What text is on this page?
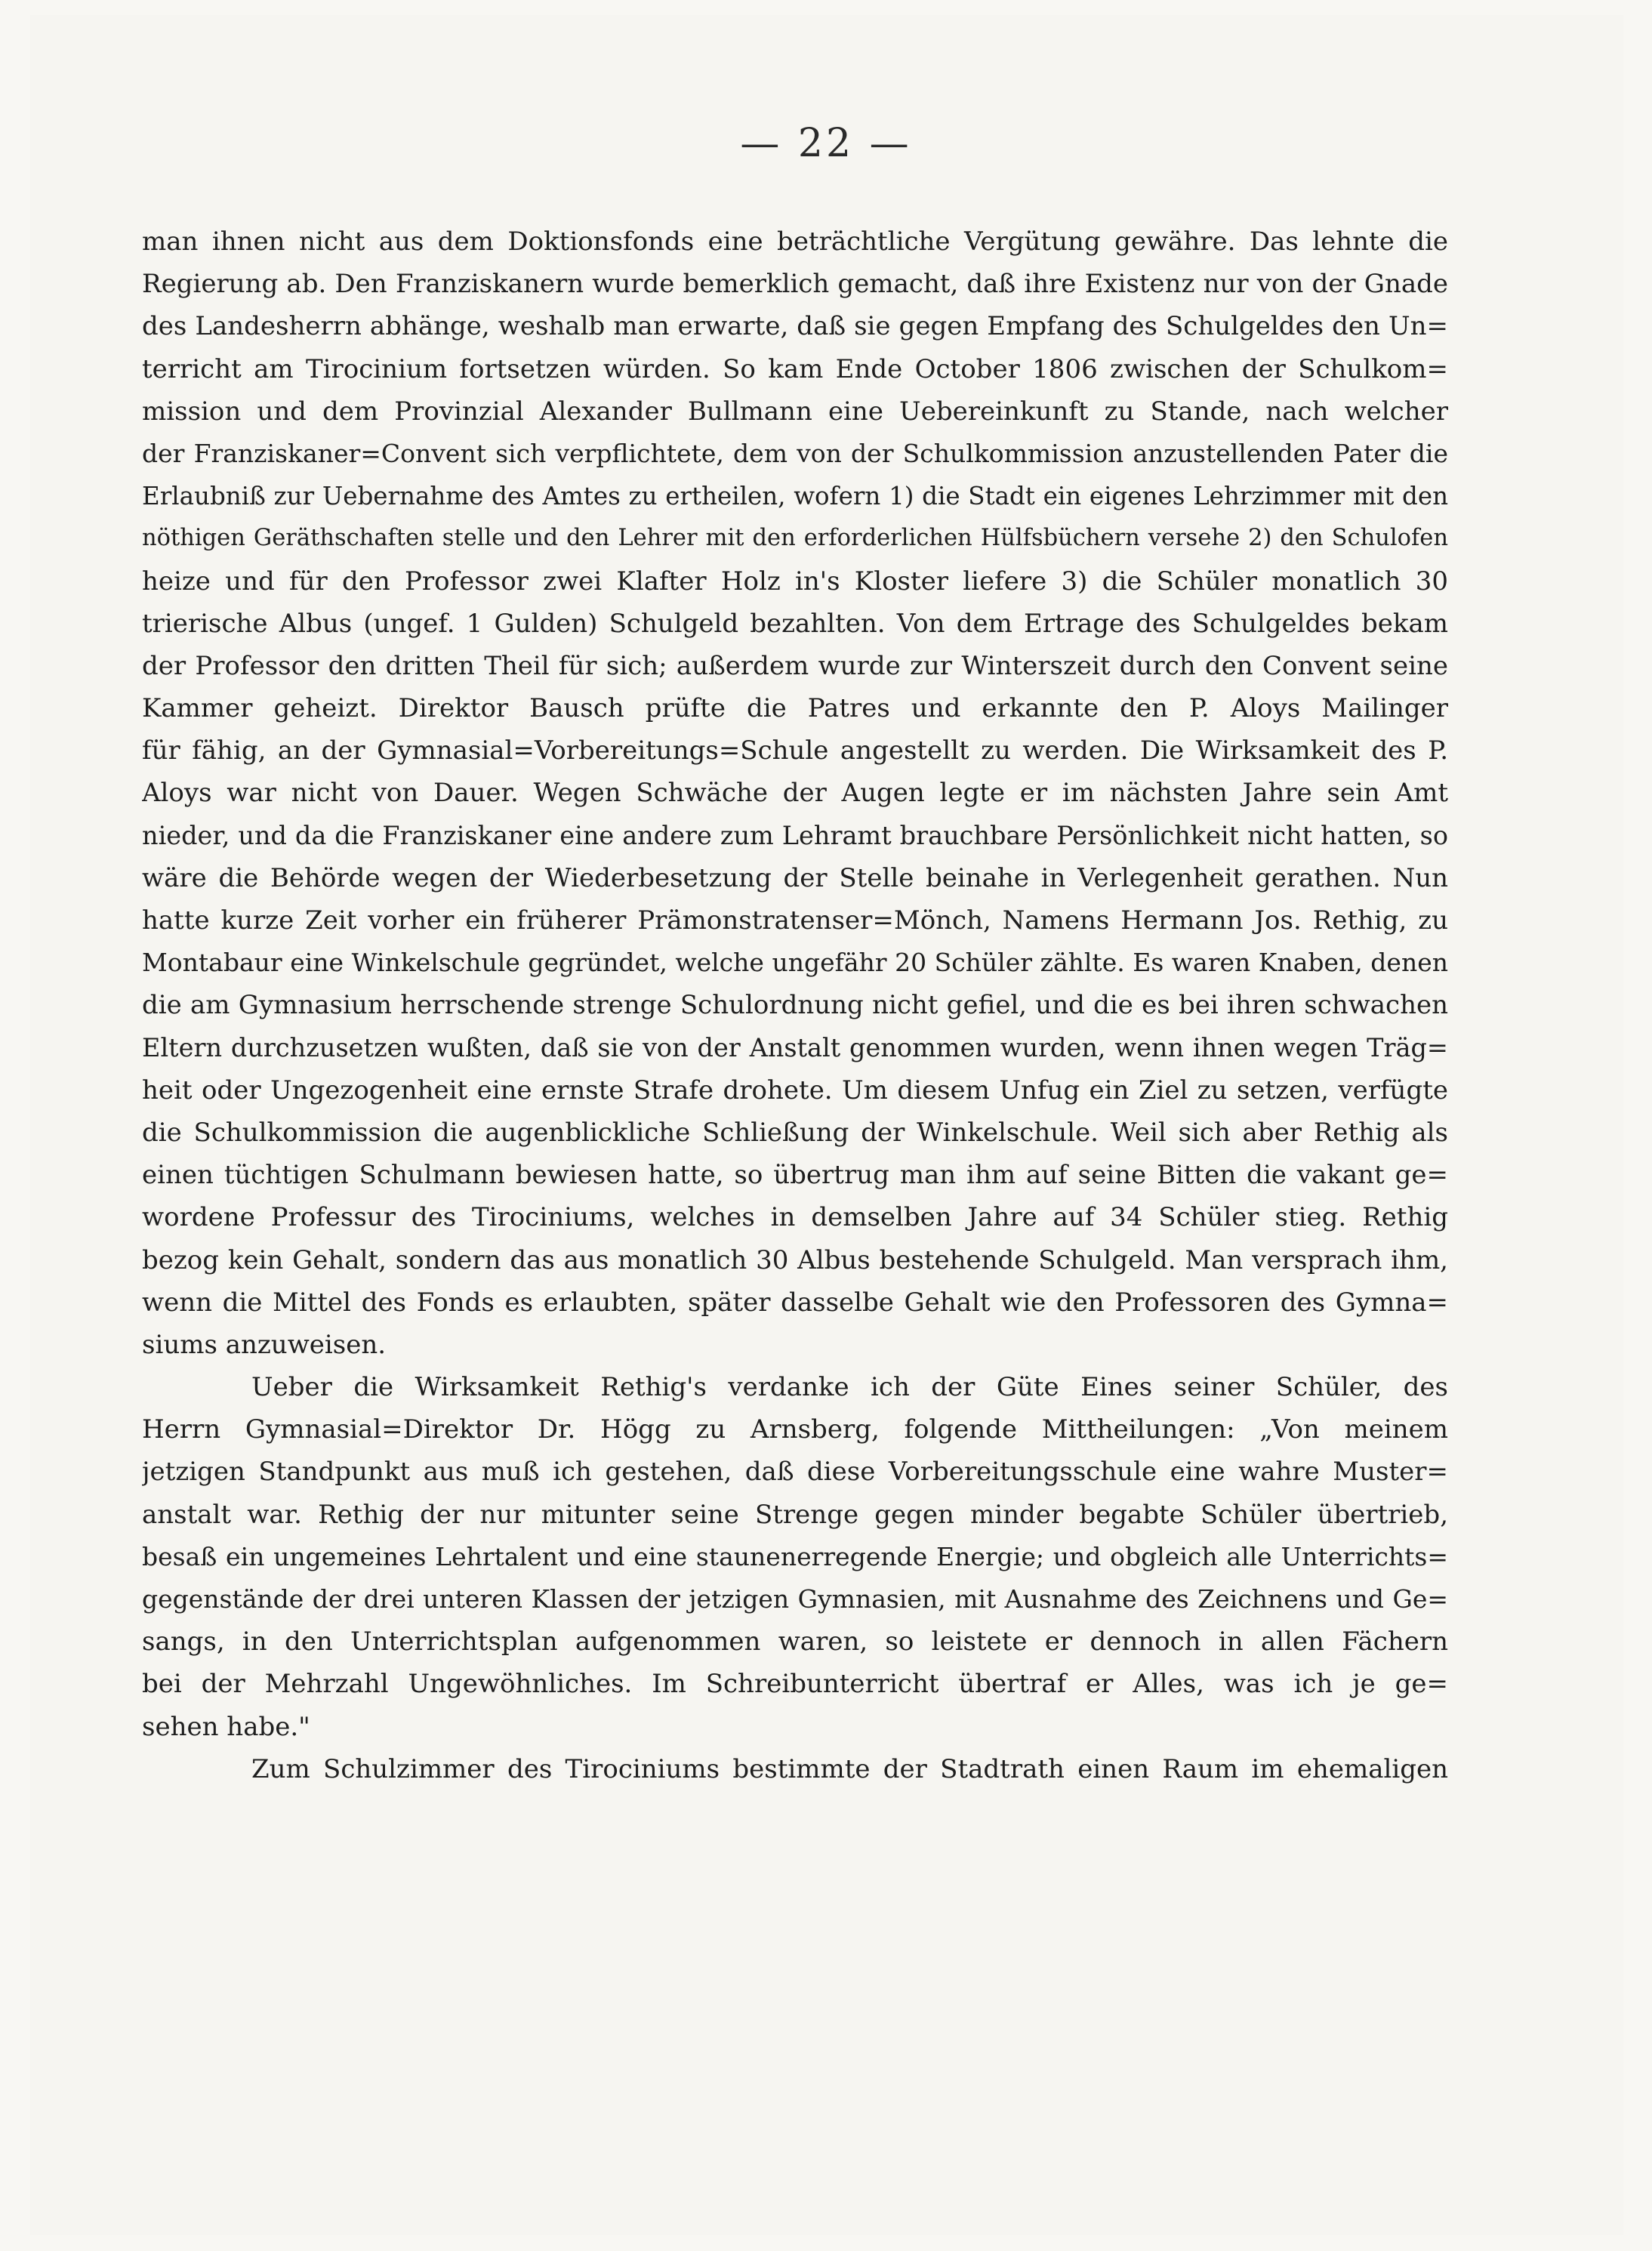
— 22 —
man ihnen nicht aus dem Doktionsfonds eine beträchtliche Vergütung gewähre. Das lehnte die
Regierung ab. Den Franziskanern wurde bemerklich gemacht, daß ihre Existenz nur von der Gnade
des Landesherrn abhänge, weshalb man erwarte, daß sie gegen Empfang des Schulgeldes den Un=
terricht am Tirocinium fortsetzen würden. So kam Ende October 1806 zwischen der Schulkom=
mission und dem Provinzial Alexander Bullmann eine Uebereinkunft zu Stande, nach welcher
der Franziskaner=Convent sich verpflichtete, dem von der Schulkommission anzustellenden Pater die
Erlaubniß zur Uebernahme des Amtes zu ertheilen, wofern 1) die Stadt ein eigenes Lehrzimmer mit den
nöthigen Geräthschaften stelle und den Lehrer mit den erforderlichen Hülfsbüchern versehe 2) den Schulofen
heize und für den Professor zwei Klafter Holz in's Kloster liefere 3) die Schüler monatlich 30
trierische Albus (ungef. 1 Gulden) Schulgeld bezahlten. Von dem Ertrage des Schulgeldes bekam
der Professor den dritten Theil für sich; außerdem wurde zur Winterszeit durch den Convent seine
Kammer geheizt. Direktor Bausch prüfte die Patres und erkannte den P. Aloys Mailinger
für fähig, an der Gymnasial=Vorbereitungs=Schule angestellt zu werden. Die Wirksamkeit des P.
Aloys war nicht von Dauer. Wegen Schwäche der Augen legte er im nächsten Jahre sein Amt
nieder, und da die Franziskaner eine andere zum Lehramt brauchbare Persönlichkeit nicht hatten, so
wäre die Behörde wegen der Wiederbesetzung der Stelle beinahe in Verlegenheit gerathen. Nun
hatte kurze Zeit vorher ein früherer Prämonstratenser=Mönch, Namens Hermann Jos. Rethig, zu
Montabaur eine Winkelschule gegründet, welche ungefähr 20 Schüler zählte. Es waren Knaben, denen
die am Gymnasium herrschende strenge Schulordnung nicht gefiel, und die es bei ihren schwachen
Eltern durchzusetzen wußten, daß sie von der Anstalt genommen wurden, wenn ihnen wegen Träg=
heit oder Ungezogenheit eine ernste Strafe drohete. Um diesem Unfug ein Ziel zu setzen, verfügte
die Schulkommission die augenblickliche Schließung der Winkelschule. Weil sich aber Rethig als
einen tüchtigen Schulmann bewiesen hatte, so übertrug man ihm auf seine Bitten die vakant ge=
wordene Professur des Tirociniums, welches in demselben Jahre auf 34 Schüler stieg. Rethig
bezog kein Gehalt, sondern das aus monatlich 30 Albus bestehende Schulgeld. Man versprach ihm,
wenn die Mittel des Fonds es erlaubten, später dasselbe Gehalt wie den Professoren des Gymna=
siums anzuweisen.
Ueber die Wirksamkeit Rethig's verdanke ich der Güte Eines seiner Schüler, des
Herrn Gymnasial=Direktor Dr. Högg zu Arnsberg, folgende Mittheilungen: „Von meinem
jetzigen Standpunkt aus muß ich gestehen, daß diese Vorbereitungsschule eine wahre Muster=
anstalt war. Rethig der nur mitunter seine Strenge gegen minder begabte Schüler übertrieb,
besaß ein ungemeines Lehrtalent und eine staunenerregende Energie; und obgleich alle Unterrichts=
gegenstände der drei unteren Klassen der jetzigen Gymnasien, mit Ausnahme des Zeichnens und Ge=
sangs, in den Unterrichtsplan aufgenommen waren, so leistete er dennoch in allen Fächern
bei der Mehrzahl Ungewöhnliches. Im Schreibunterricht übertraf er Alles, was ich je ge=
sehen habe."
Zum Schulzimmer des Tirociniums bestimmte der Stadtrath einen Raum im ehemaligen
